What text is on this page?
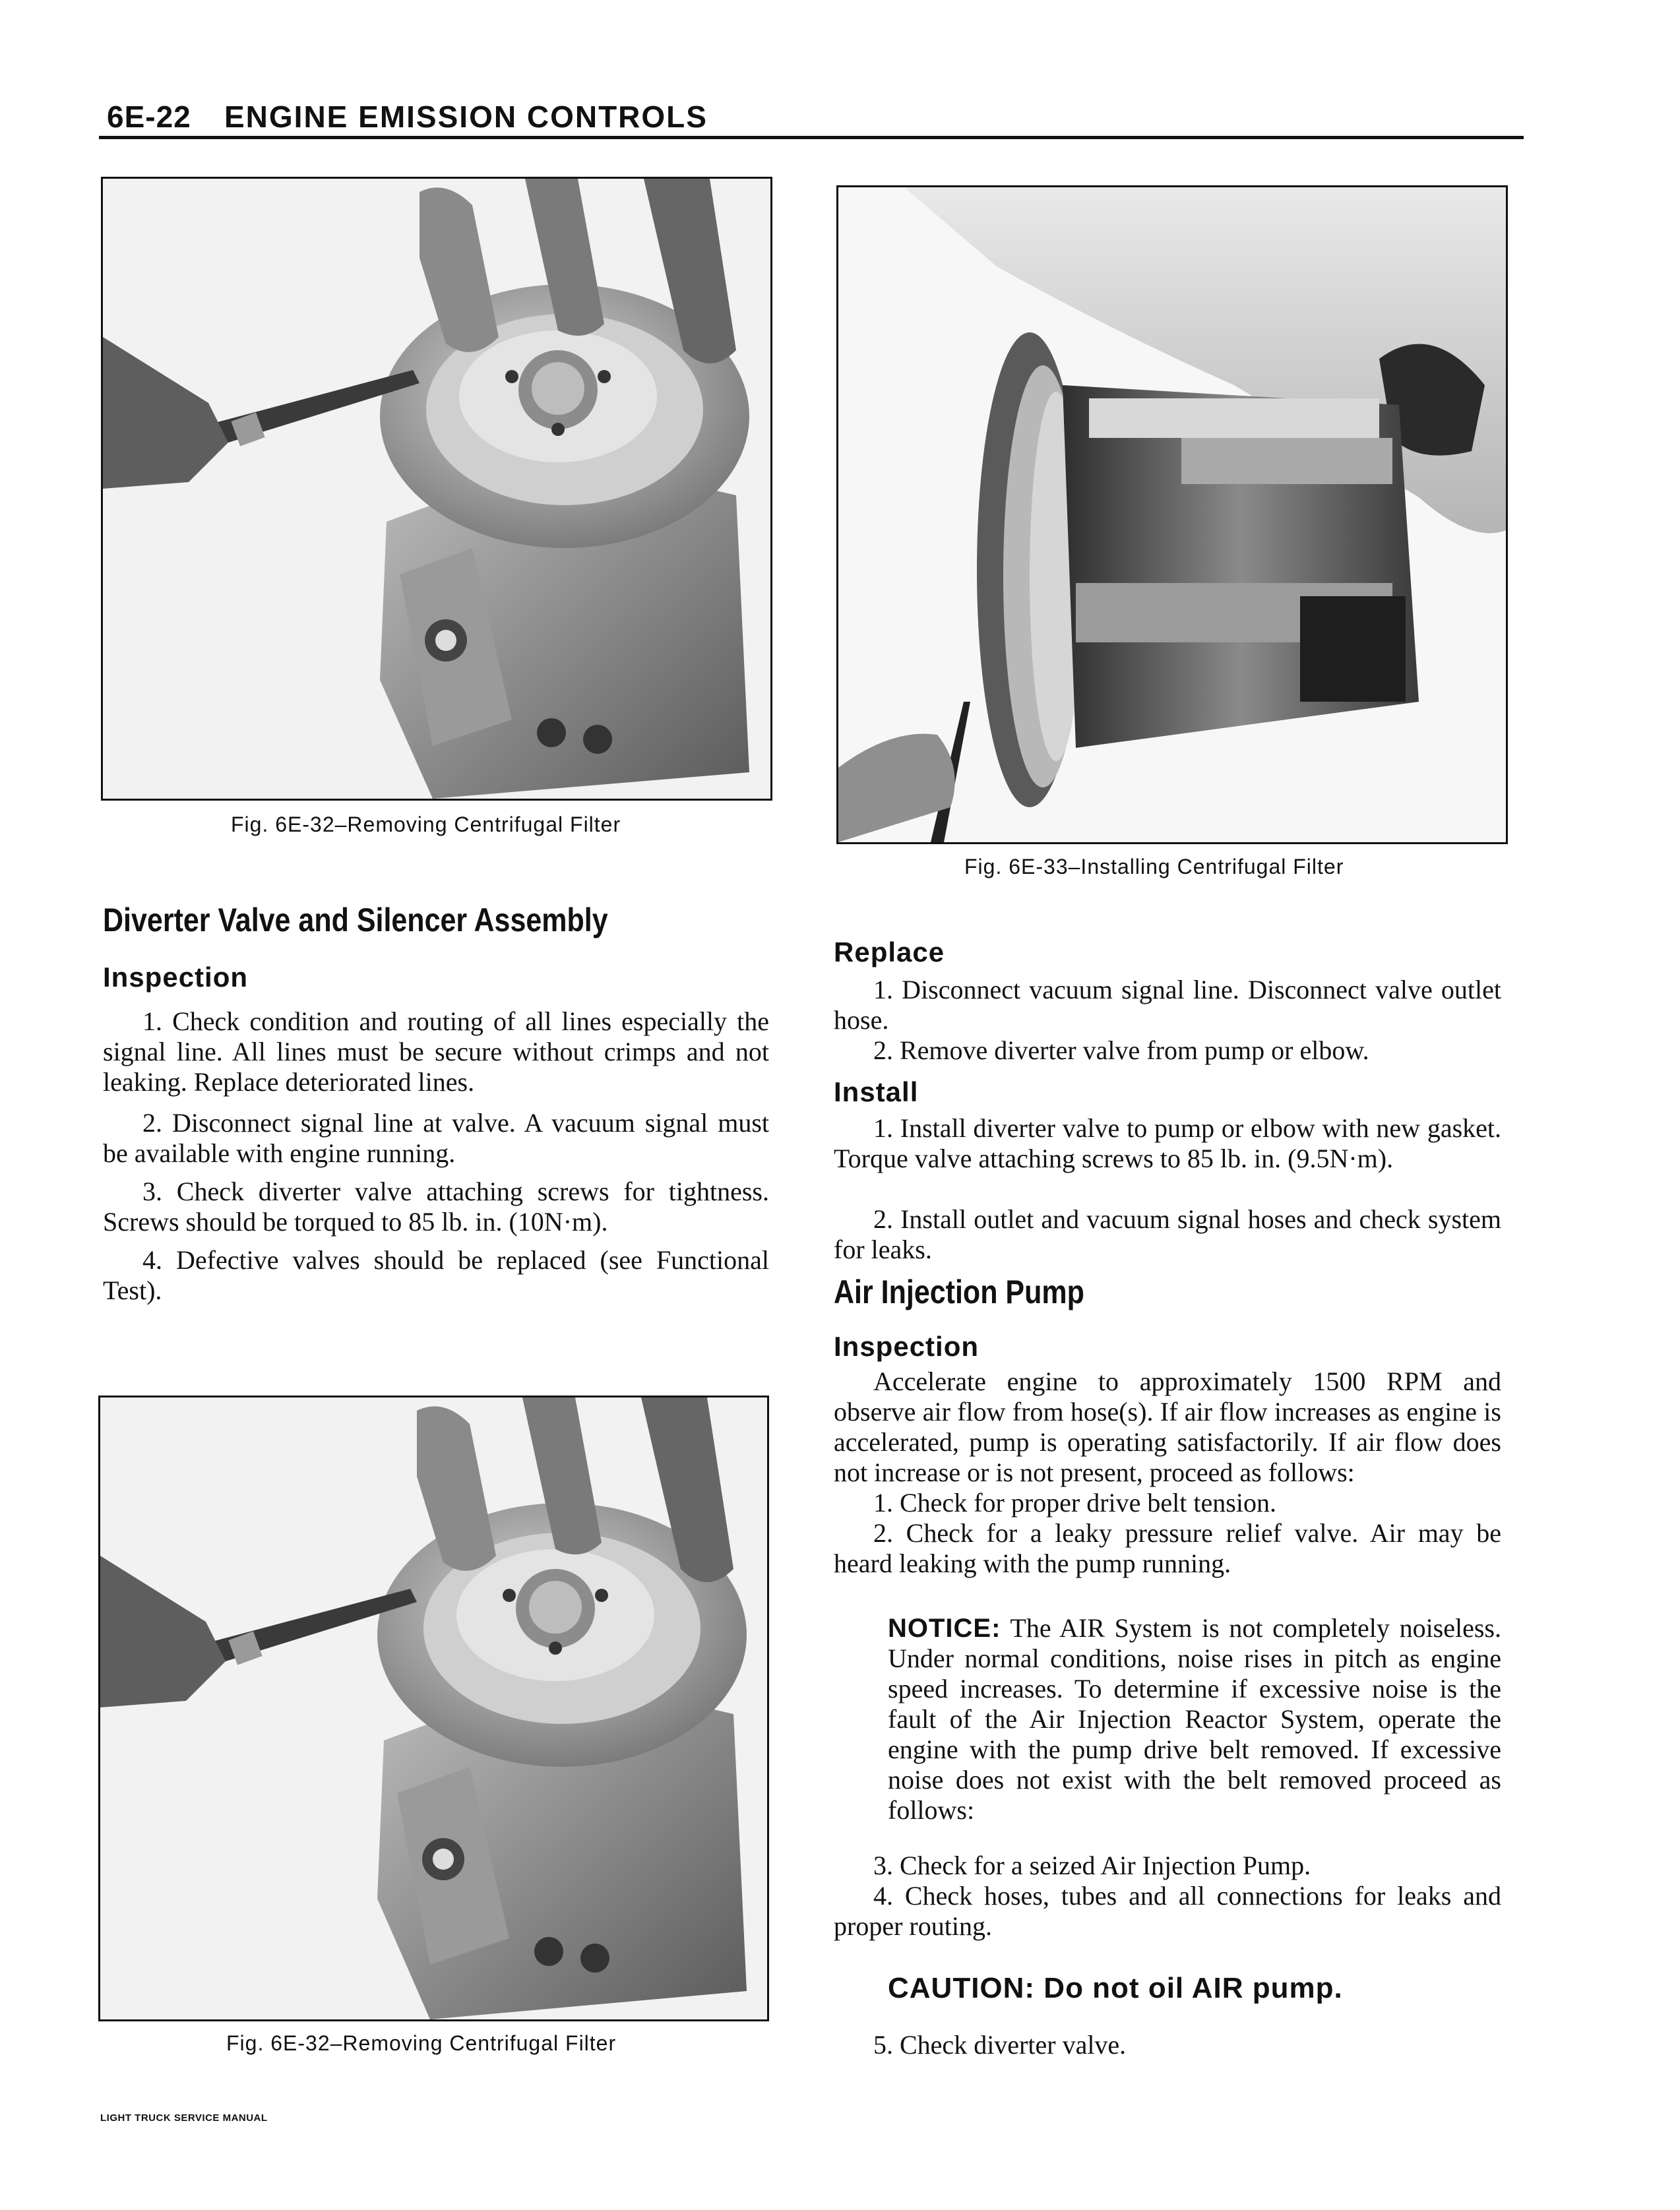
6E-22 ENGINE EMISSION CONTROLS
Fig. 6E-32–Removing Centrifugal Filter
Fig. 6E-33–Installing Centrifugal Filter
Diverter Valve and Silencer Assembly
Inspection
1. Check condition and routing of all lines especially the signal line. All lines must be secure without crimps and not leaking. Replace deteriorated lines.
2. Disconnect signal line at valve. A vacuum signal must be available with engine running.
3. Check diverter valve attaching screws for tightness. Screws should be torqued to 85 lb. in. (10N·m).
4. Defective valves should be replaced (see Functional Test).
Fig. 6E-32–Removing Centrifugal Filter
Replace
1. Disconnect vacuum signal line. Disconnect valve outlet hose.
2. Remove diverter valve from pump or elbow.
Install
1. Install diverter valve to pump or elbow with new gasket. Torque valve attaching screws to 85 lb. in. (9.5N·m).
2. Install outlet and vacuum signal hoses and check system for leaks.
Air Injection Pump
Inspection
Accelerate engine to approximately 1500 RPM and observe air flow from hose(s). If air flow increases as engine is accelerated, pump is operating satisfactorily. If air flow does not increase or is not present, proceed as follows:
1. Check for proper drive belt tension.
2. Check for a leaky pressure relief valve. Air may be heard leaking with the pump running.
NOTICE: The AIR System is not completely noiseless. Under normal conditions, noise rises in pitch as engine speed increases. To determine if excessive noise is the fault of the Air Injection Reactor System, operate the engine with the pump drive belt removed. If excessive noise does not exist with the belt removed proceed as follows:
3. Check for a seized Air Injection Pump.
4. Check hoses, tubes and all connections for leaks and proper routing.
CAUTION: Do not oil AIR pump.
5. Check diverter valve.
LIGHT TRUCK SERVICE MANUAL
